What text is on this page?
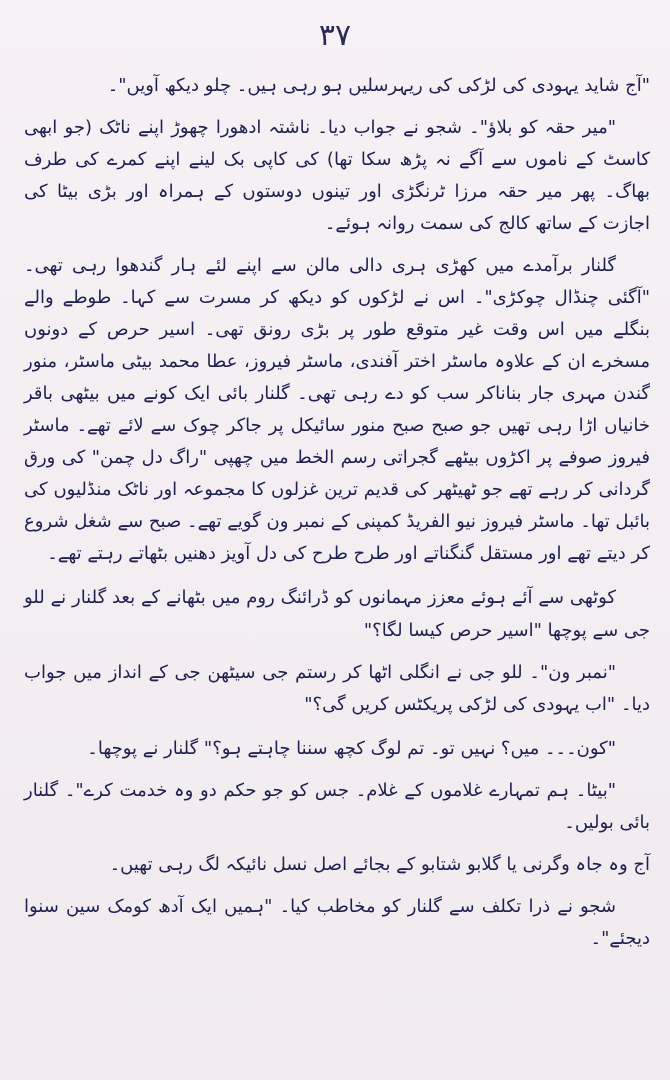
۳۷

"آج شاید یہودی کی لڑکی کی ریہرسلیں ہو رہی ہیں۔ چلو دیکھ آویں"۔

"میر حقہ کو بلاؤ"۔ شجو نے جواب دیا۔ ناشتہ ادھورا چھوڑ اپنے ناٹک (جو ابھی کاسٹ کے ناموں سے آگے نہ پڑھ سکا تھا) کی کاپی بک لینے اپنے کمرے کی طرف بھاگ۔ پھر میر حقہ مرزا ٹرنگڑی اور تینوں دوستوں کے ہمراہ اور بڑی بیٹا کی اجازت کے ساتھ کالج کی سمت روانہ ہوئے۔

گلنار برآمدے میں کھڑی ہری دالی مالن سے اپنے لئے ہار گندھوا رہی تھی۔ "آگئی چنڈال چوکڑی"۔ اس نے لڑکوں کو دیکھ کر مسرت سے کہا۔ طوطے والے بنگلے میں اس وقت غیر متوقع طور پر بڑی رونق تھی۔ اسیر حرص کے دونوں مسخرے ان کے علاوہ ماسٹر اختر آفندی، ماسٹر فیروز، عطا محمد بیٹی ماسٹر، منور گندن مہری جار بناناکر سب کو دے رہی تھی۔ گلنار بائی ایک کونے میں بیٹھی باقر خانیاں اڑا رہی تھیں جو صبح صبح منور سائیکل پر جاکر چوک سے لائے تھے۔ ماسٹر فیروز صوفے پر اکڑوں بیٹھے گجراتی رسم الخط میں چھپی "راگ دل چمن" کی ورق گردانی کر رہے تھے جو ٹھیٹھر کی قدیم ترین غزلوں کا مجموعہ اور ناٹک منڈلیوں کی بائبل تھا۔ ماسٹر فیروز نیو الفریڈ کمپنی کے نمبر ون گویے تھے۔ صبح سے شغل شروع کر دیتے تھے اور مستقل گنگناتے اور طرح طرح کی دل آویز دھنیں بٹھاتے رہتے تھے۔

کوٹھی سے آئے ہوئے معزز مہمانوں کو ڈرائنگ روم میں بٹھانے کے بعد گلنار نے للو جی سے پوچھا "اسیر حرص کیسا لگا؟"

"نمبر ون"۔ للو جی نے انگلی اٹھا کر رستم جی سیٹھن جی کے انداز میں جواب دیا۔ "اب یہودی کی لڑکی پریکٹس کریں گی؟"

"کون۔۔۔ میں؟ نہیں تو۔ تم لوگ کچھ سننا چاہتے ہو؟" گلنار نے پوچھا۔

"بیٹا۔ ہم تمہارے غلاموں کے غلام۔ جس کو جو حکم دو وہ خدمت کرے"۔ گلنار بائی بولیں۔

آج وہ جاہ وگرنی یا گلابو شتابو کے بجائے اصل نسل نائیکہ لگ رہی تھیں۔

شجو نے ذرا تکلف سے گلنار کو مخاطب کیا۔ "ہمیں ایک آدھ کومک سین سنوا دیجئے"۔
